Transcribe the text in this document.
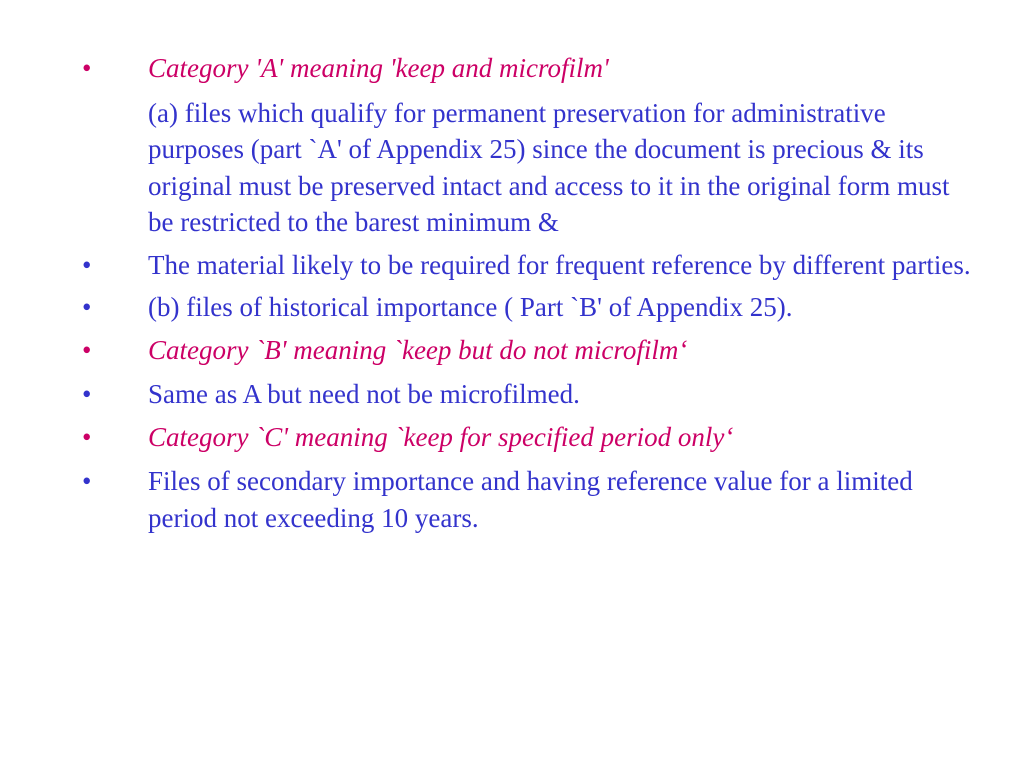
•	Category 'A' meaning 'keep and microfilm'
(a) files which qualify for permanent preservation for administrative purposes (part `A' of Appendix 25) since the document is precious & its original must be preserved intact and access to it in the original form must be restricted to the barest minimum &
•	The material likely to be required for frequent reference by different parties.
•	(b) files of historical importance ( Part `B' of Appendix 25).
•	Category `B' meaning `keep but do not microfilm‘
•	Same as A but need not be microfilmed.
•	Category `C' meaning `keep for specified period only‘
•	Files of secondary importance and having reference value for a limited period not exceeding 10 years.
